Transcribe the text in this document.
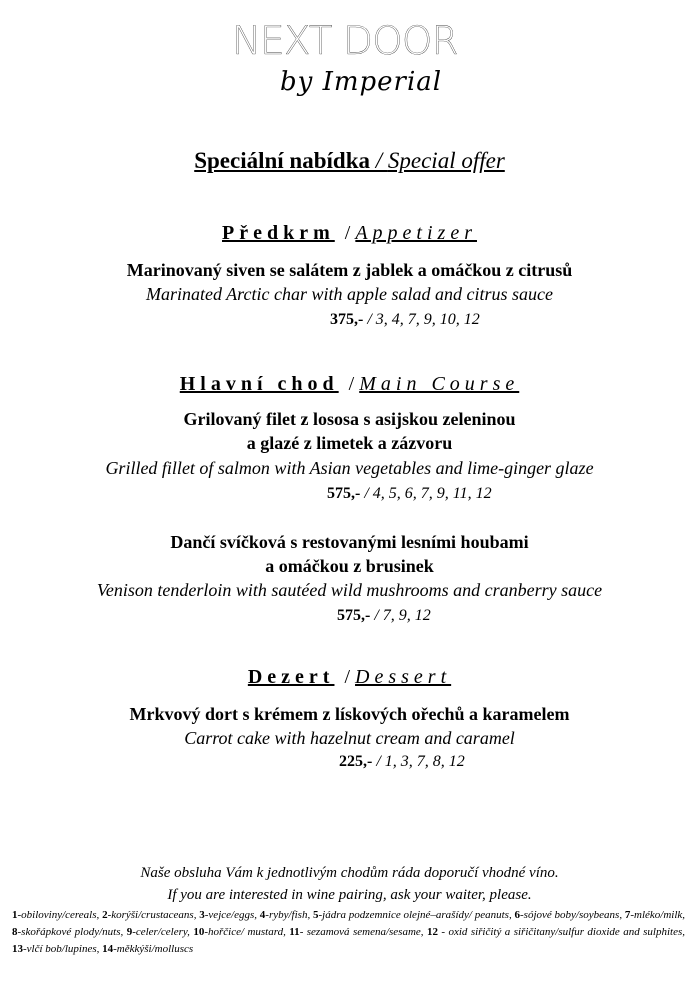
NEXT DOOR
by Imperial
Speciální nabídka / Special offer
Předkrm /Appetizer
Marinovaný siven se salátem z jablek a omáčkou z citrusů
Marinated Arctic char with apple salad and citrus sauce
375,- / 3, 4, 7, 9, 10, 12
Hlavní chod /Main Course
Grilovaný filet z lososa s asijskou zeleninou
a glazé z limetek a zázvoru
Grilled fillet of salmon with Asian vegetables and lime-ginger glaze
575,- / 4, 5, 6, 7, 9, 11, 12
Dančí svíčková s restovanými lesními houbami
a omáčkou z brusinek
Venison tenderloin with sautéed wild mushrooms and cranberry sauce
575,- / 7, 9, 12
Dezert /Dessert
Mrkvový dort s krémem z lískových ořechů a karamelem
Carrot cake with hazelnut cream and caramel
225,- / 1, 3, 7, 8, 12
Naše obsluha Vám k jednotlivým chodům ráda doporučí vhodné víno.
If you are interested in wine pairing, ask your waiter, please.
1-obiloviny/cereals, 2-korýši/crustaceans, 3-vejce/eggs, 4-ryby/fish, 5-jádra podzemnice olejné–arašídy/ peanuts, 6-sójové boby/soybeans, 7-mléko/milk, 8-skořápkové plody/nuts, 9-celer/celery, 10-hořčice/ mustard, 11- sezamová semena/sesame, 12 - oxid siřičitý a siřičitany/sulfur dioxide and sulphites, 13-vlčí bob/lupines, 14-měkkýši/molluscs
